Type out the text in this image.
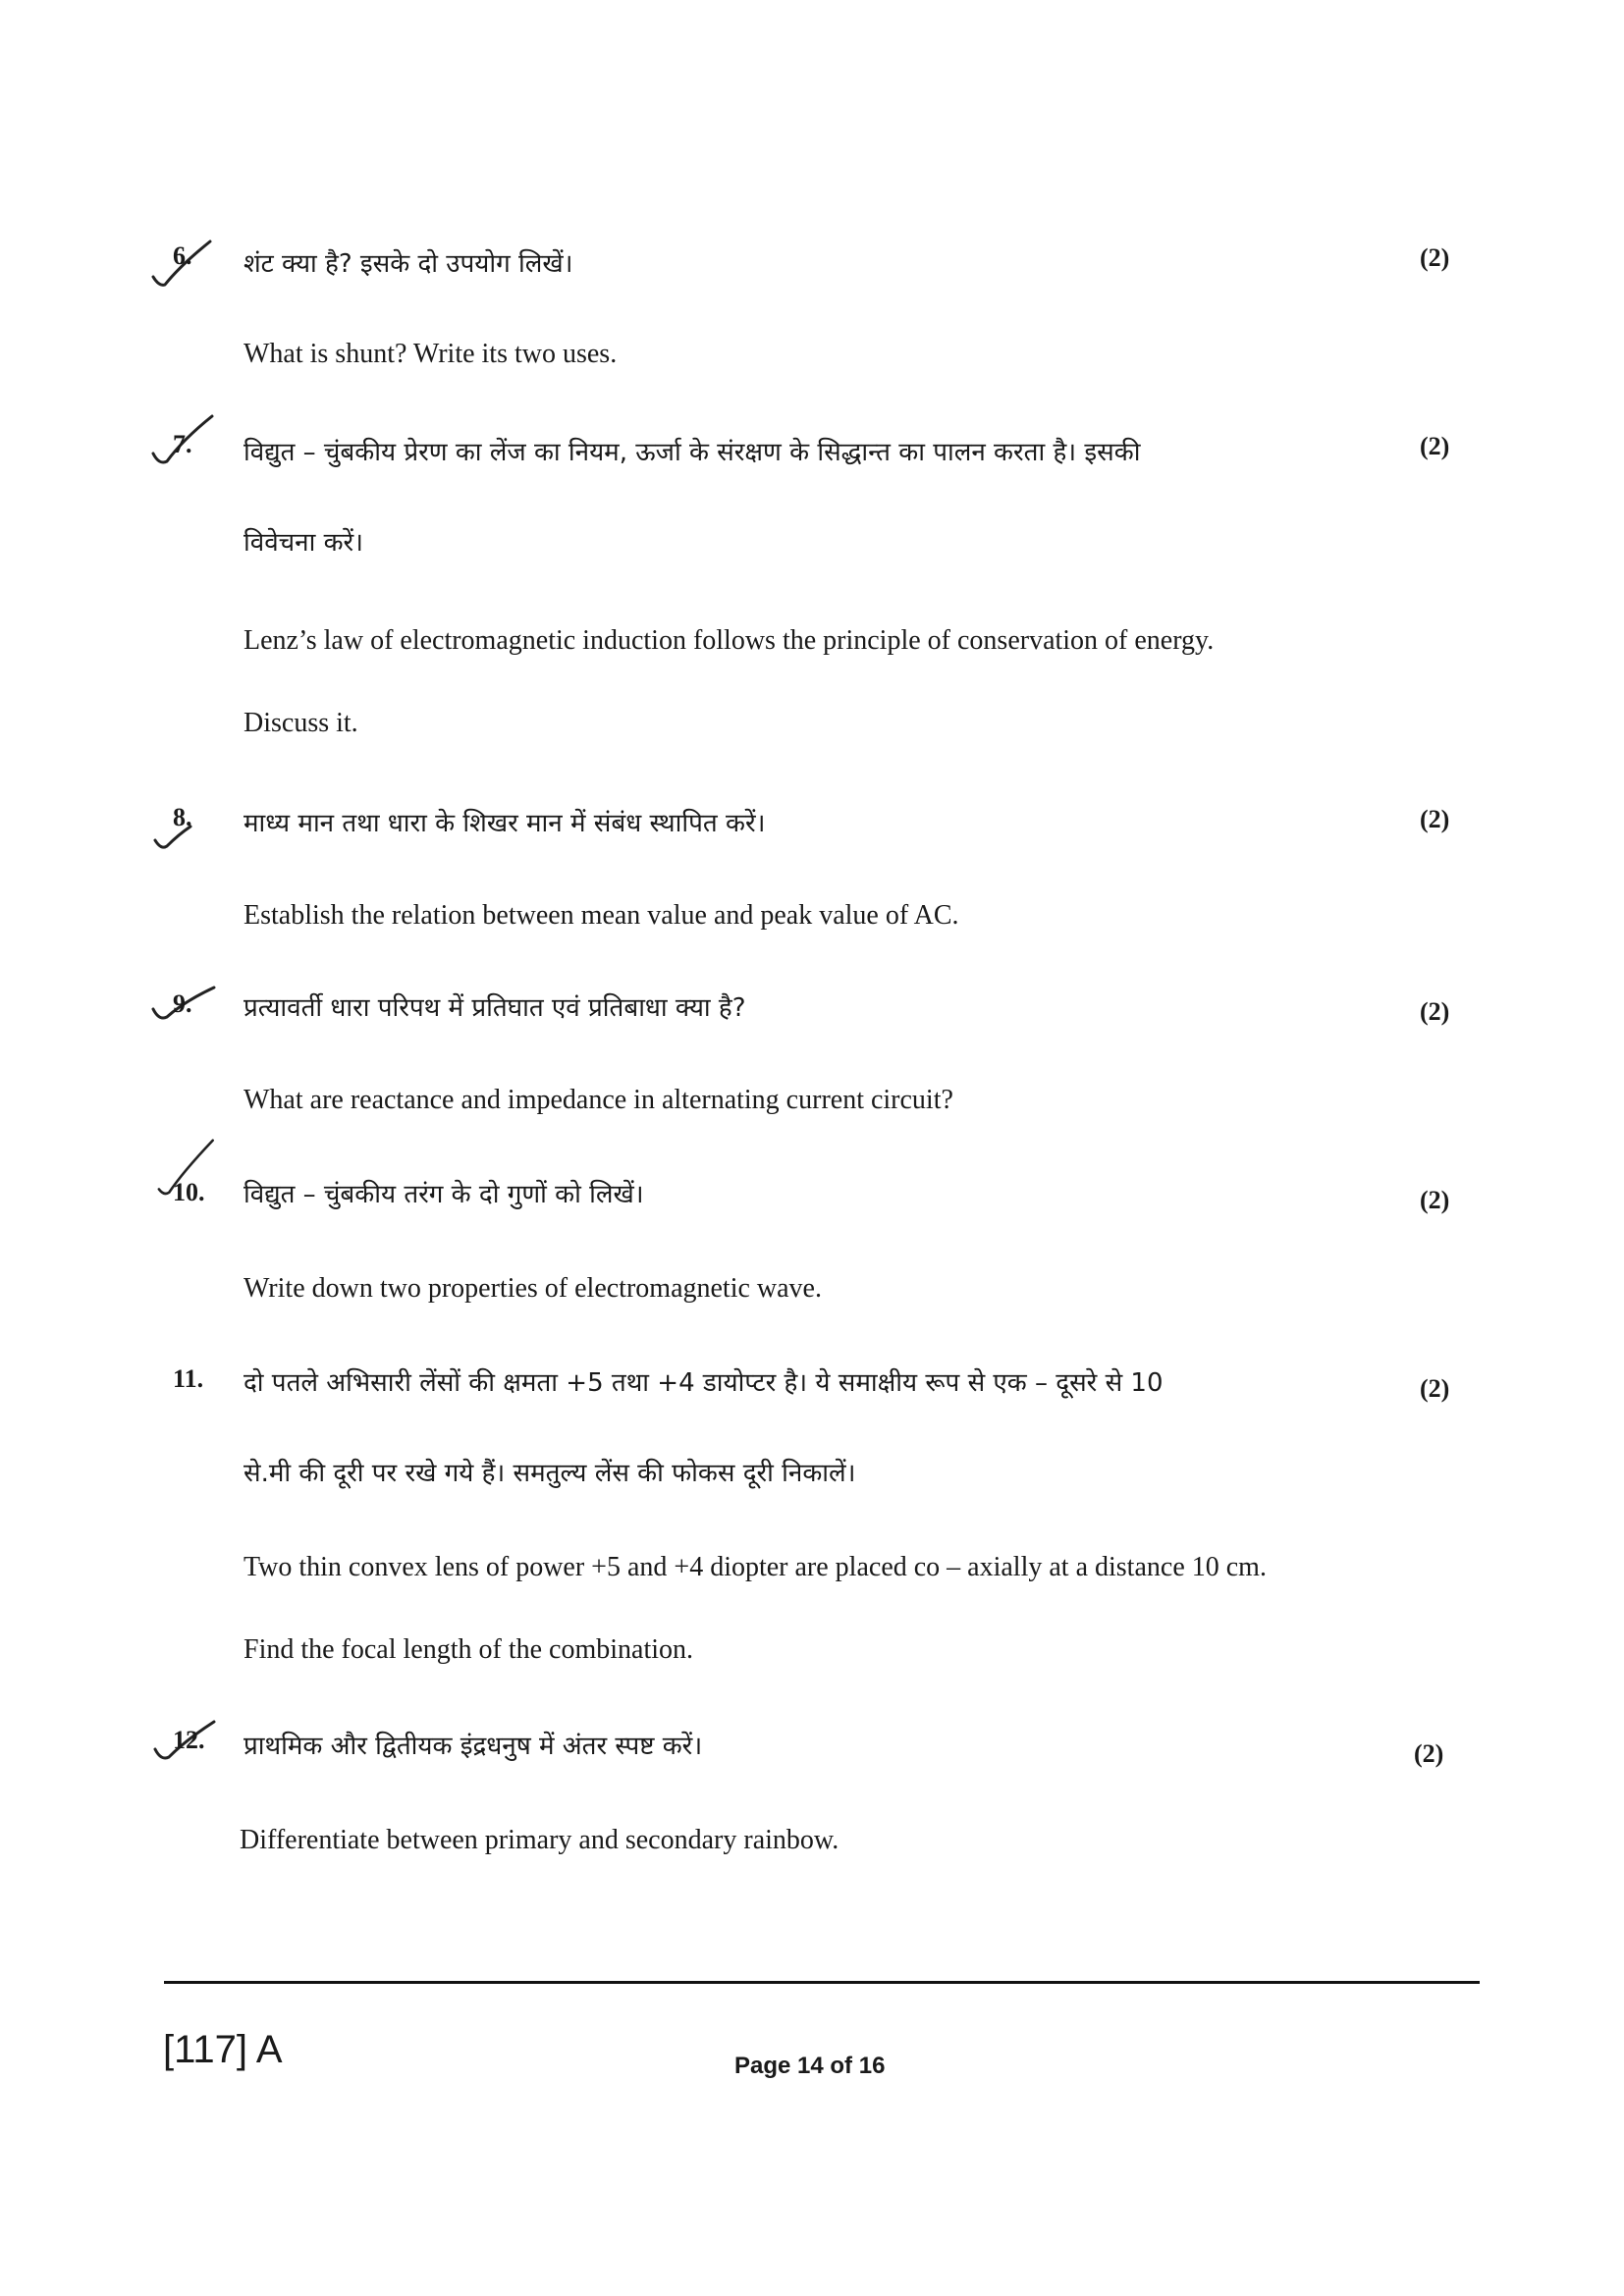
6. शंट क्या है? इसके दो उपयोग लिखें।	(2)
What is shunt? Write its two uses.
7. विद्युत – चुंबकीय प्रेरण का लेंज का नियम, ऊर्जा के संरक्षण के सिद्धान्त का पालन करता है। इसकी	(2)
विवेचना करें।
Lenz’s law of electromagnetic induction follows the principle of conservation of energy.
Discuss it.
8. माध्य मान तथा धारा के शिखर मान में संबंध स्थापित करें।	(2)
Establish the relation between mean value and peak value of AC.
9. प्रत्यावर्ती धारा परिपथ में प्रतिघात एवं प्रतिबाधा क्या है?	(2)
What are reactance and impedance in alternating current circuit?
10. विद्युत – चुंबकीय तरंग के दो गुणों को लिखें।	(2)
Write down two properties of electromagnetic wave.
11. दो पतले अभिसारी लेंसों की क्षमता +5 तथा +4 डायोप्टर है। ये समाक्षीय रूप से एक – दूसरे से 10	(2)
से.मी की दूरी पर रखे गये हैं। समतुल्य लेंस की फोकस दूरी निकालें।
Two thin convex lens of power +5 and +4 diopter are placed co – axially at a distance 10 cm.
Find the focal length of the combination.
12. प्राथमिक और द्वितीयक इंद्रधनुष में अंतर स्पष्ट करें।	(2)
Differentiate between primary and secondary rainbow.
[117] A	Page 14 of 16
